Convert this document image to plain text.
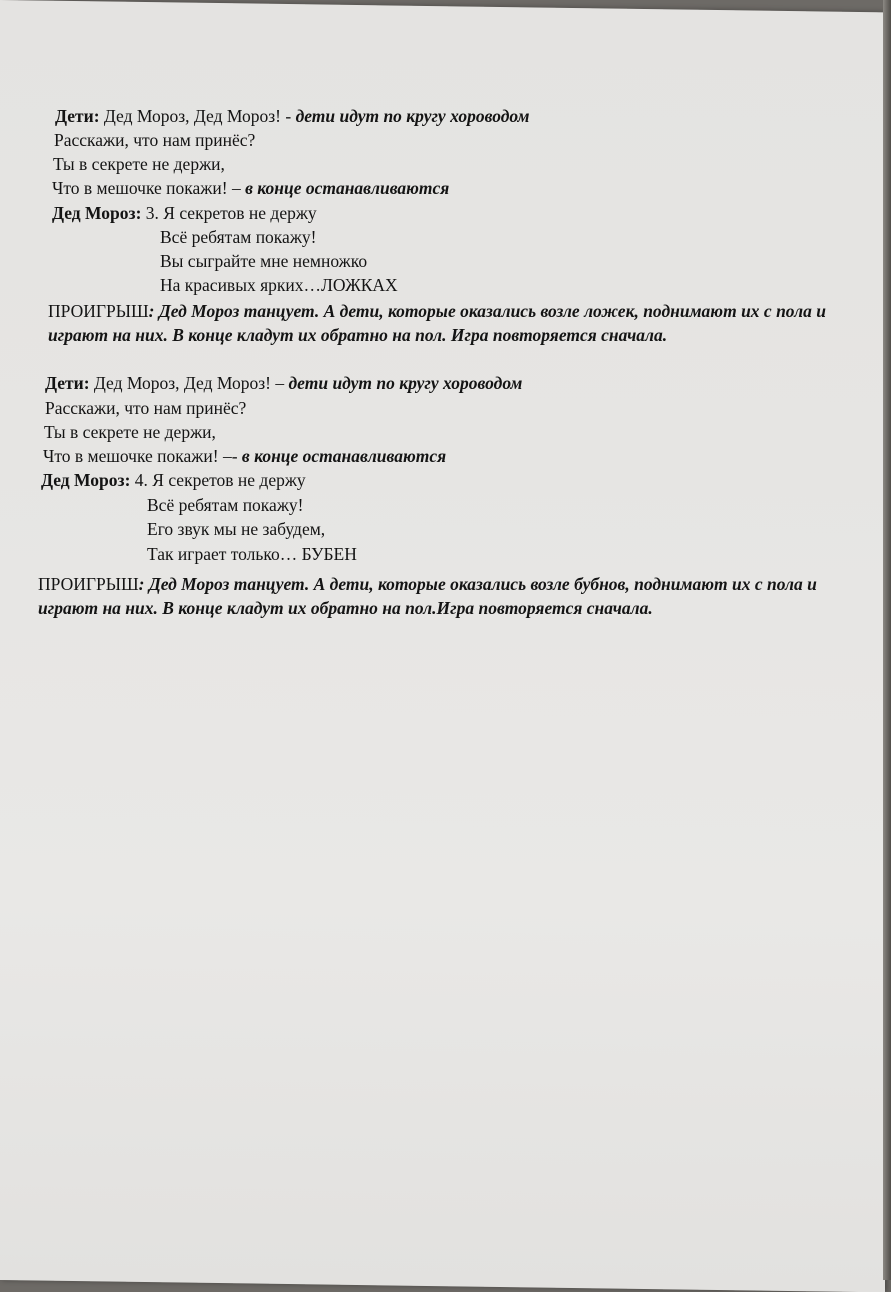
Дети: Дед Мороз, Дед Мороз! - дети идут по кругу хороводом
Расскажи, что нам принёс?
Ты в секрете не держи,
Что в мешочке покажи! – в конце останавливаются
Дед Мороз: 3. Я секретов не держу
Всё ребятам покажу!
Вы сыграйте мне немножко
На красивых ярких…ЛОЖКАХ
ПРОИГРЫШ: Дед Мороз танцует. А дети, которые оказались возле ложек, поднимают их с пола и играют на них. В конце кладут их обратно на пол. Игра повторяется сначала.
Дети: Дед Мороз, Дед Мороз! – дети идут по кругу хороводом
Расскажи, что нам принёс?
Ты в секрете не держи,
Что в мешочке покажи! –- в конце останавливаются
Дед Мороз: 4. Я секретов не держу
Всё ребятам покажу!
Его звук мы не забудем,
Так играет только… БУБЕН
ПРОИГРЫШ: Дед Мороз танцует. А дети, которые оказались возле бубнов, поднимают их с пола и играют на них. В конце кладут их обратно на пол.Игра повторяется сначала.
